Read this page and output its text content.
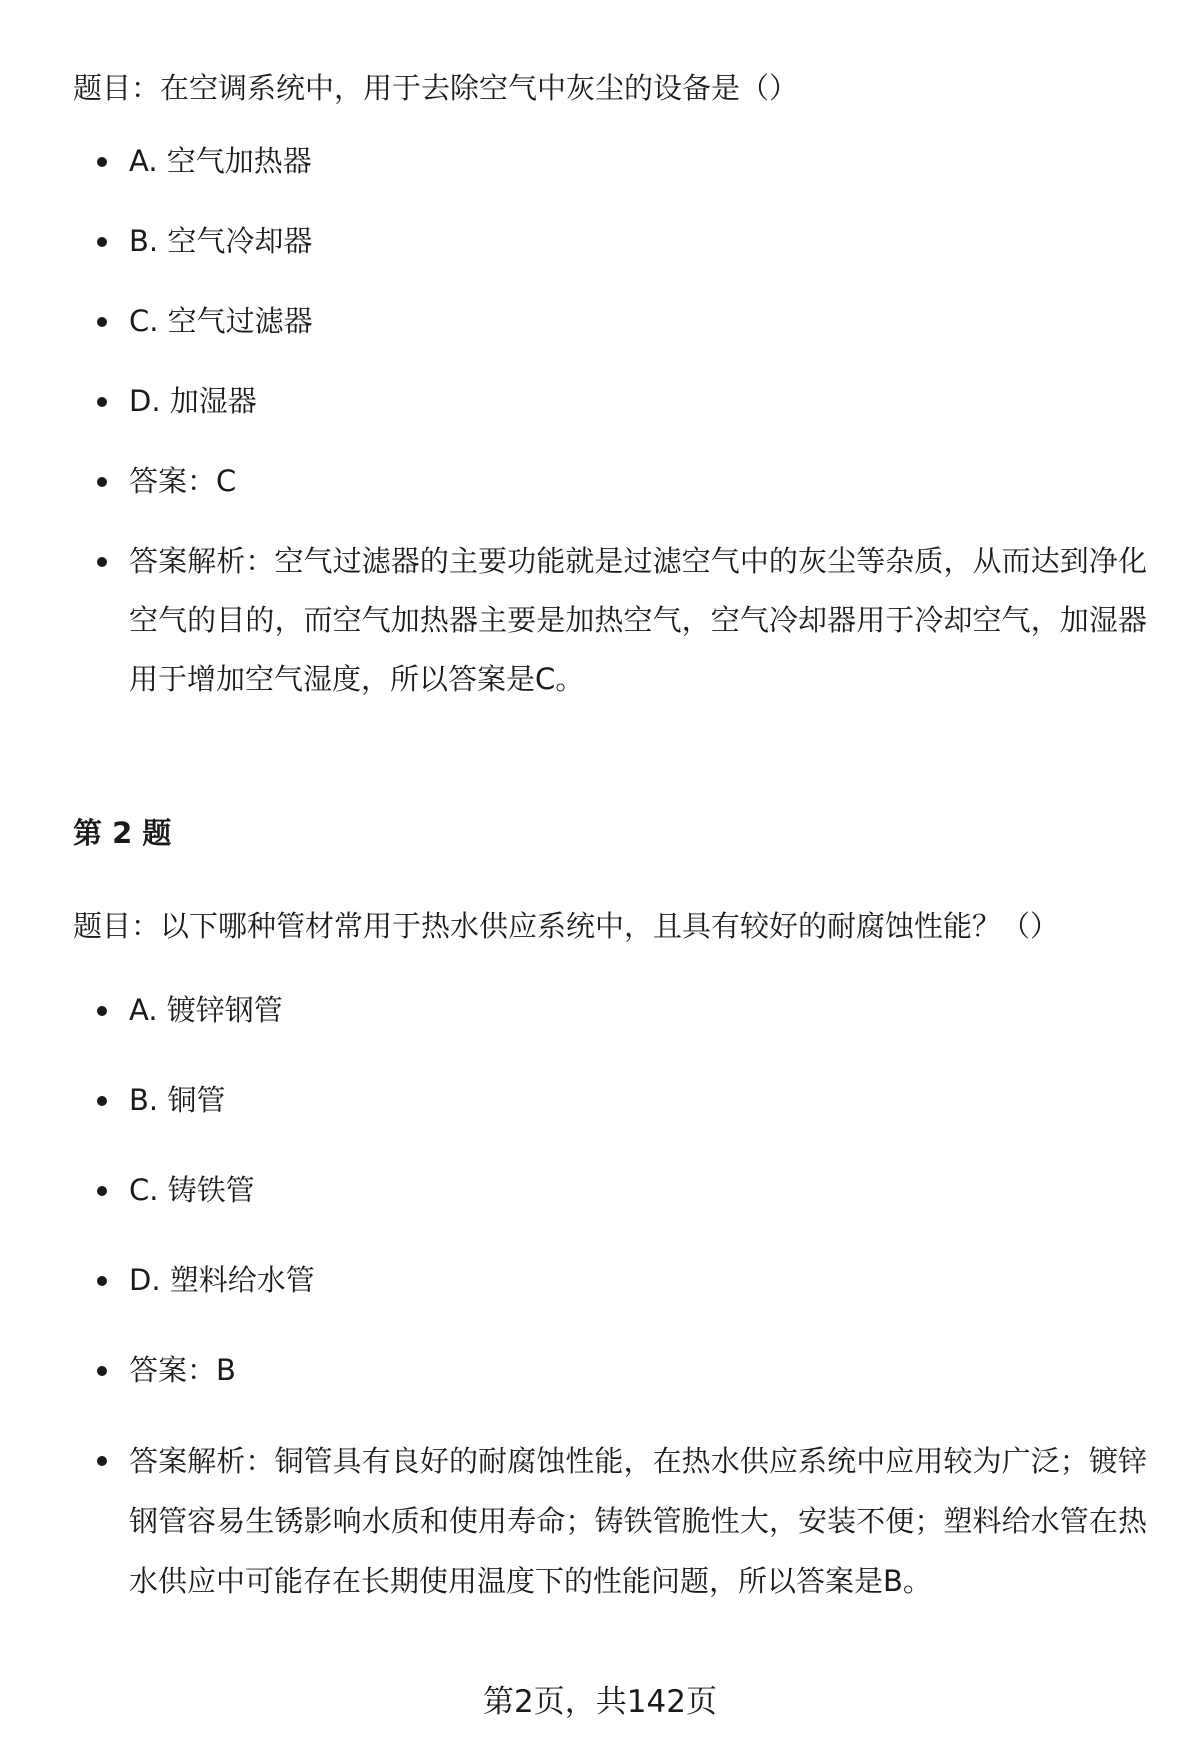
题目：在空调系统中，用于去除空气中灰尘的设备是（）
A. 空气加热器
B. 空气冷却器
C. 空气过滤器
D. 加湿器
答案：C
答案解析：空气过滤器的主要功能就是过滤空气中的灰尘等杂质，从而达到净化空气的目的，而空气加热器主要是加热空气，空气冷却器用于冷却空气，加湿器用于增加空气湿度，所以答案是C。
第 2 题
题目：以下哪种管材常用于热水供应系统中，且具有较好的耐腐蚀性能？（）
A. 镀锌钢管
B. 铜管
C. 铸铁管
D. 塑料给水管
答案：B
答案解析：铜管具有良好的耐腐蚀性能，在热水供应系统中应用较为广泛；镀锌钢管容易生锈影响水质和使用寿命；铸铁管脆性大，安装不便；塑料给水管在热水供应中可能存在长期使用温度下的性能问题，所以答案是B。
第2页，共142页
